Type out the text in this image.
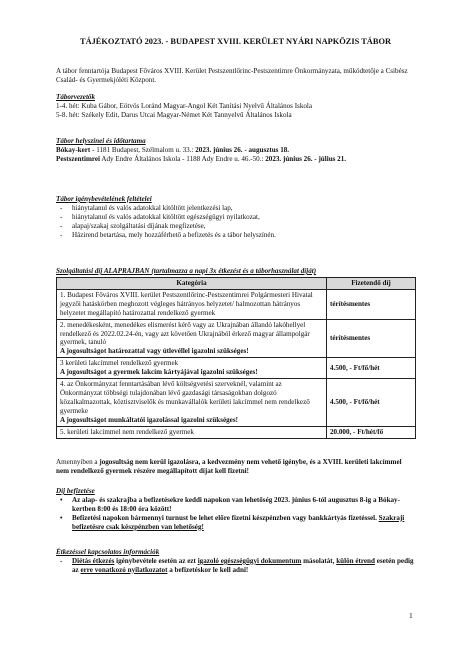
TÁJÉKOZTATÓ 2023. - BUDAPEST XVIII. KERÜLET NYÁRI NAPKÖZIS TÁBOR
A tábor fenntartója Budapest Főváros XVIII. Kerület Pestszentlőrinc-Pestszentimre Önkormányzata, működtetője a Csibész Család- és Gyermekjóléti Központ.
Táborvezetők
1-4. hét: Kuba Gábor, Eötvös Loránd Magyar-Angol Két Tanítási Nyelvű Általános Iskola
5-8. hét: Székely Edit, Darus Utcai Magyar-Német Két Tannyelvű Általános Iskola
Tábor helyszínei és időtartama
Bókay-kert - 1181 Budapest, Szélmalom u. 33.: 2023. június 26. - augusztus 18.
Pestszentimrei Ady Endre Általános Iskola - 1188 Ady Endre u. 46.-50.: 2023. június 26. - július 21.
Tábor igénybevételének feltételei
- hiánytalanul és valós adatokkal kitöltött jelentkezési lap,
- hiánytalanul és valós adatokkal kitöltött egészségügyi nyilatkozat,
- alapaj/szakaj szolgáltatási díjának megfizetése,
- Házirend betartása, mely hozzáférhető a befizetés és a tábor helyszínén.
Szolgáltatási díj ALAPRAJBAN (tartalmazza a napi 3x étkezést és a táborhasználat díját)
Kategória	Fizetendő díj
1. Budapest Főváros XVIII. kerület Pestszentlőrinc-Pestszentimrei Polgármesteri Hivatal jegyzői hatáskörben meghozott végleges hátrányos helyzetet/ halmozottan hátrányos helyzetet megállapító határozattal rendelkező gyermek	térítésmentes
2. menedékesként, menedékes elismerést kérő vagy az Ukrajnában állandó lakóhellyel rendelkező és 2022.02.24-én, vagy azt követően Ukrajnából érkező magyar állampolgár gyermek, tanuló
A jogosultságot határozattal vagy útlevéllel igazolni szükséges!	térítésmentes
3 kerületi lakcímmel rendelkező gyermek
A jogosultságot a gyermek lakcím kártyájával igazolni szükséges!	4.500, - Ft/fő/hét
4. az Önkormányzat fenntartásában lévő költségvetési szerveknél, valamint az Önkormányzat többségi tulajdonában lévő gazdasági társaságokban dolgozó közalkalmazottak, köztisztviselők és munkavállalók kerületi lakcímmel nem rendelkező gyermeke
A jogosultságot munkáltatói igazolással igazolni szükséges!	4.500, - Ft/fő/hét
5. kerületi lakcímmel nem rendelkező gyermek	20.000, - Ft/hét/fő
Amennyiben a jogosultság nem kerül igazolásra, a kedvezmény nem vehető igénybe, és a XVIII. kerületi lakcímmel nem rendelkező gyermek részére megállapított díjat kell fizetni!
Díj befizetése
• Az alap- és szakrajba a befizetésekre keddi napokon van lehetőség 2023. június 6-tól augusztus 8-ig a Bókay-kertben 8:00 és 18:00 óra között!
• Befizetési napokon bármennyi turnust be lehet előre fizetni készpénzben vagy bankkártyás fizetéssel. Szakraji befizetésre csak készpénzben van lehetőség!
Étkezéssel kapcsolatos információk
- Diétás étkezés igénybevétele esetén az ezt igazoló egészségügyi dokumentum másolatát, külön étrend esetén pedig az erre vonatkozó nyilatkozatot a befizetéskor le kell adni!
1
